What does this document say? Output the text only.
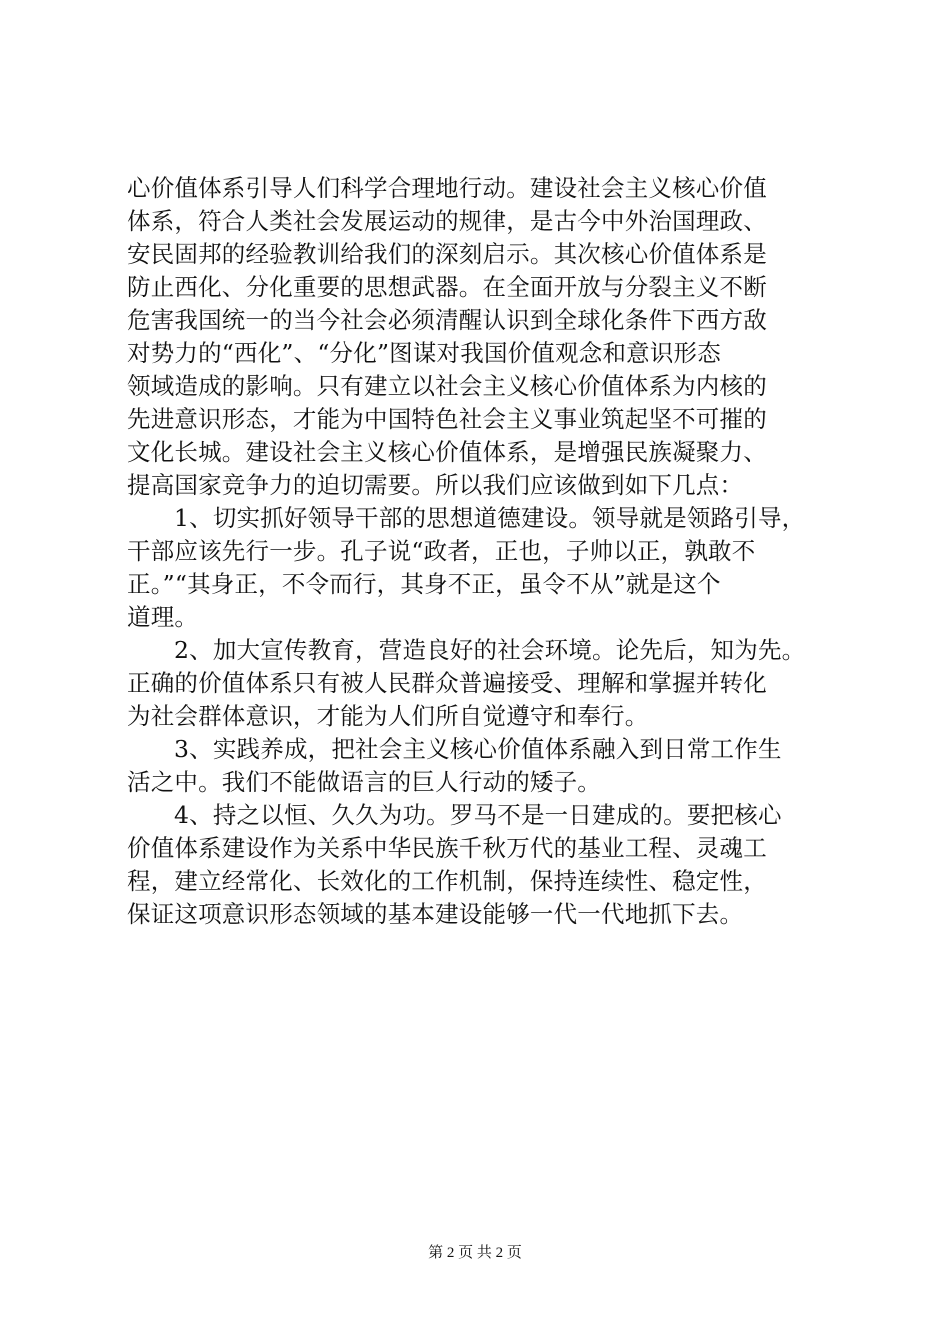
心价值体系引导人们科学合理地行动。建设社会主义核心价值
体系，符合人类社会发展运动的规律，是古今中外治国理政、
安民固邦的经验教训给我们的深刻启示。其次核心价值体系是
防止西化、分化重要的思想武器。在全面开放与分裂主义不断
危害我国统一的当今社会必须清醒认识到全球化条件下西方敌
对势力的“西化”、“分化”图谋对我国价值观念和意识形态
领域造成的影响。只有建立以社会主义核心价值体系为内核的
先进意识形态，才能为中国特色社会主义事业筑起坚不可摧的
文化长城。建设社会主义核心价值体系，是增强民族凝聚力、
提高国家竞争力的迫切需要。所以我们应该做到如下几点：
1、切实抓好领导干部的思想道德建设。领导就是领路引导，
干部应该先行一步。孔子说“政者，正也，子帅以正，孰敢不
正。”“其身正，不令而行，其身不正，虽令不从”就是这个
道理。
2、加大宣传教育，营造良好的社会环境。论先后，知为先。
正确的价值体系只有被人民群众普遍接受、理解和掌握并转化
为社会群体意识，才能为人们所自觉遵守和奉行。
3、实践养成，把社会主义核心价值体系融入到日常工作生
活之中。我们不能做语言的巨人行动的矮子。
4、持之以恒、久久为功。罗马不是一日建成的。要把核心
价值体系建设作为关系中华民族千秋万代的基业工程、灵魂工
程，建立经常化、长效化的工作机制，保持连续性、稳定性，
保证这项意识形态领域的基本建设能够一代一代地抓下去。
第 2 页 共 2 页
